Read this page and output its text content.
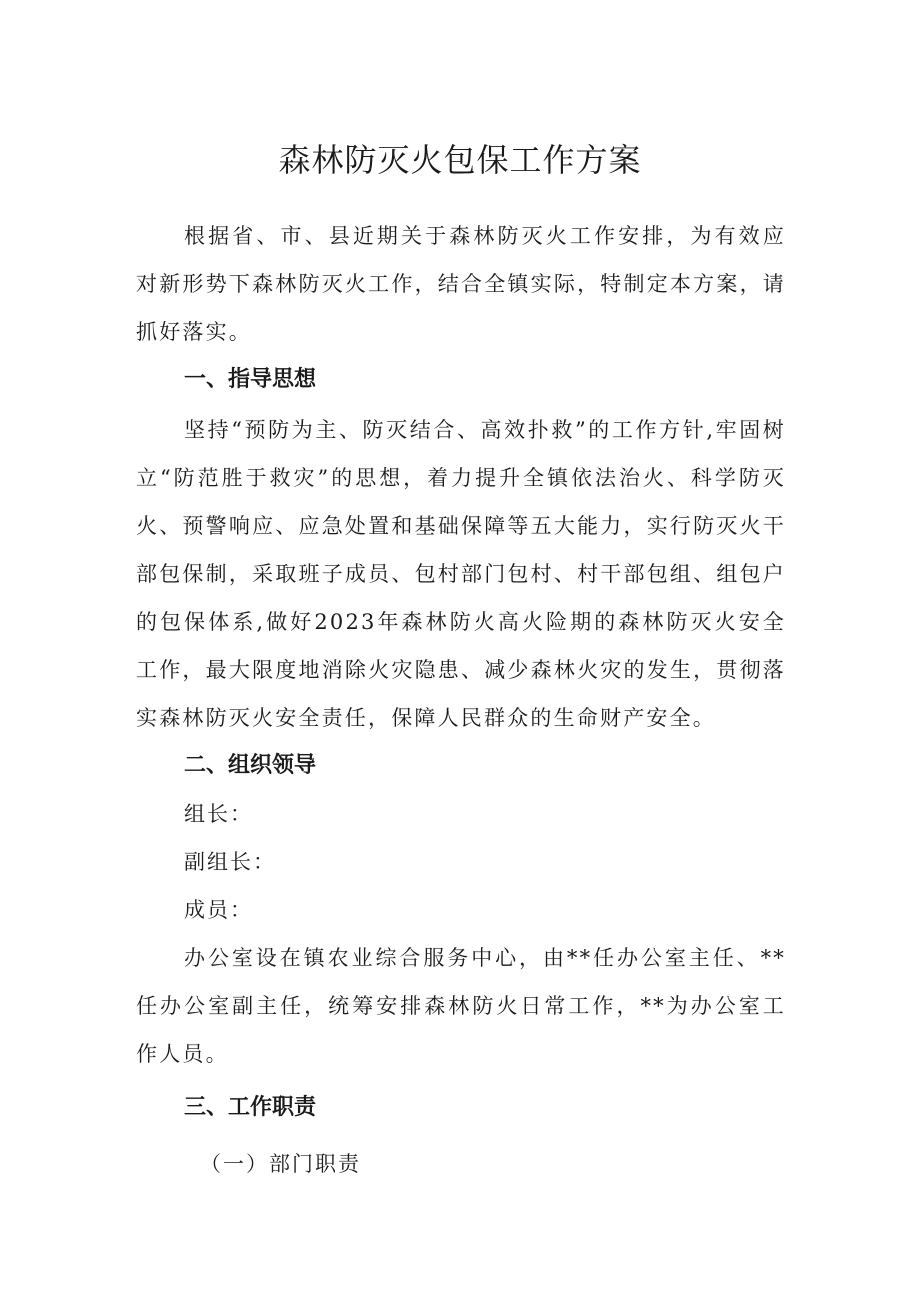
森林防灭火包保工作方案

根据省、市、县近期关于森林防灭火工作安排，为有效应对新形势下森林防灭火工作，结合全镇实际，特制定本方案，请抓好落实。

一、指导思想

坚持“预防为主、防灭结合、高效扑救”的工作方针,牢固树立“防范胜于救灾”的思想，着力提升全镇依法治火、科学防灭火、预警响应、应急处置和基础保障等五大能力，实行防灭火干部包保制，采取班子成员、包村部门包村、村干部包组、组包户的包保体系,做好2023年森林防火高火险期的森林防灭火安全工作，最大限度地消除火灾隐患、减少森林火灾的发生，贯彻落实森林防灭火安全责任，保障人民群众的生命财产安全。

二、组织领导

组长：

副组长：

成员：

办公室设在镇农业综合服务中心，由**任办公室主任、**任办公室副主任，统筹安排森林防火日常工作，**为办公室工作人员。

三、工作职责

（一）部门职责
